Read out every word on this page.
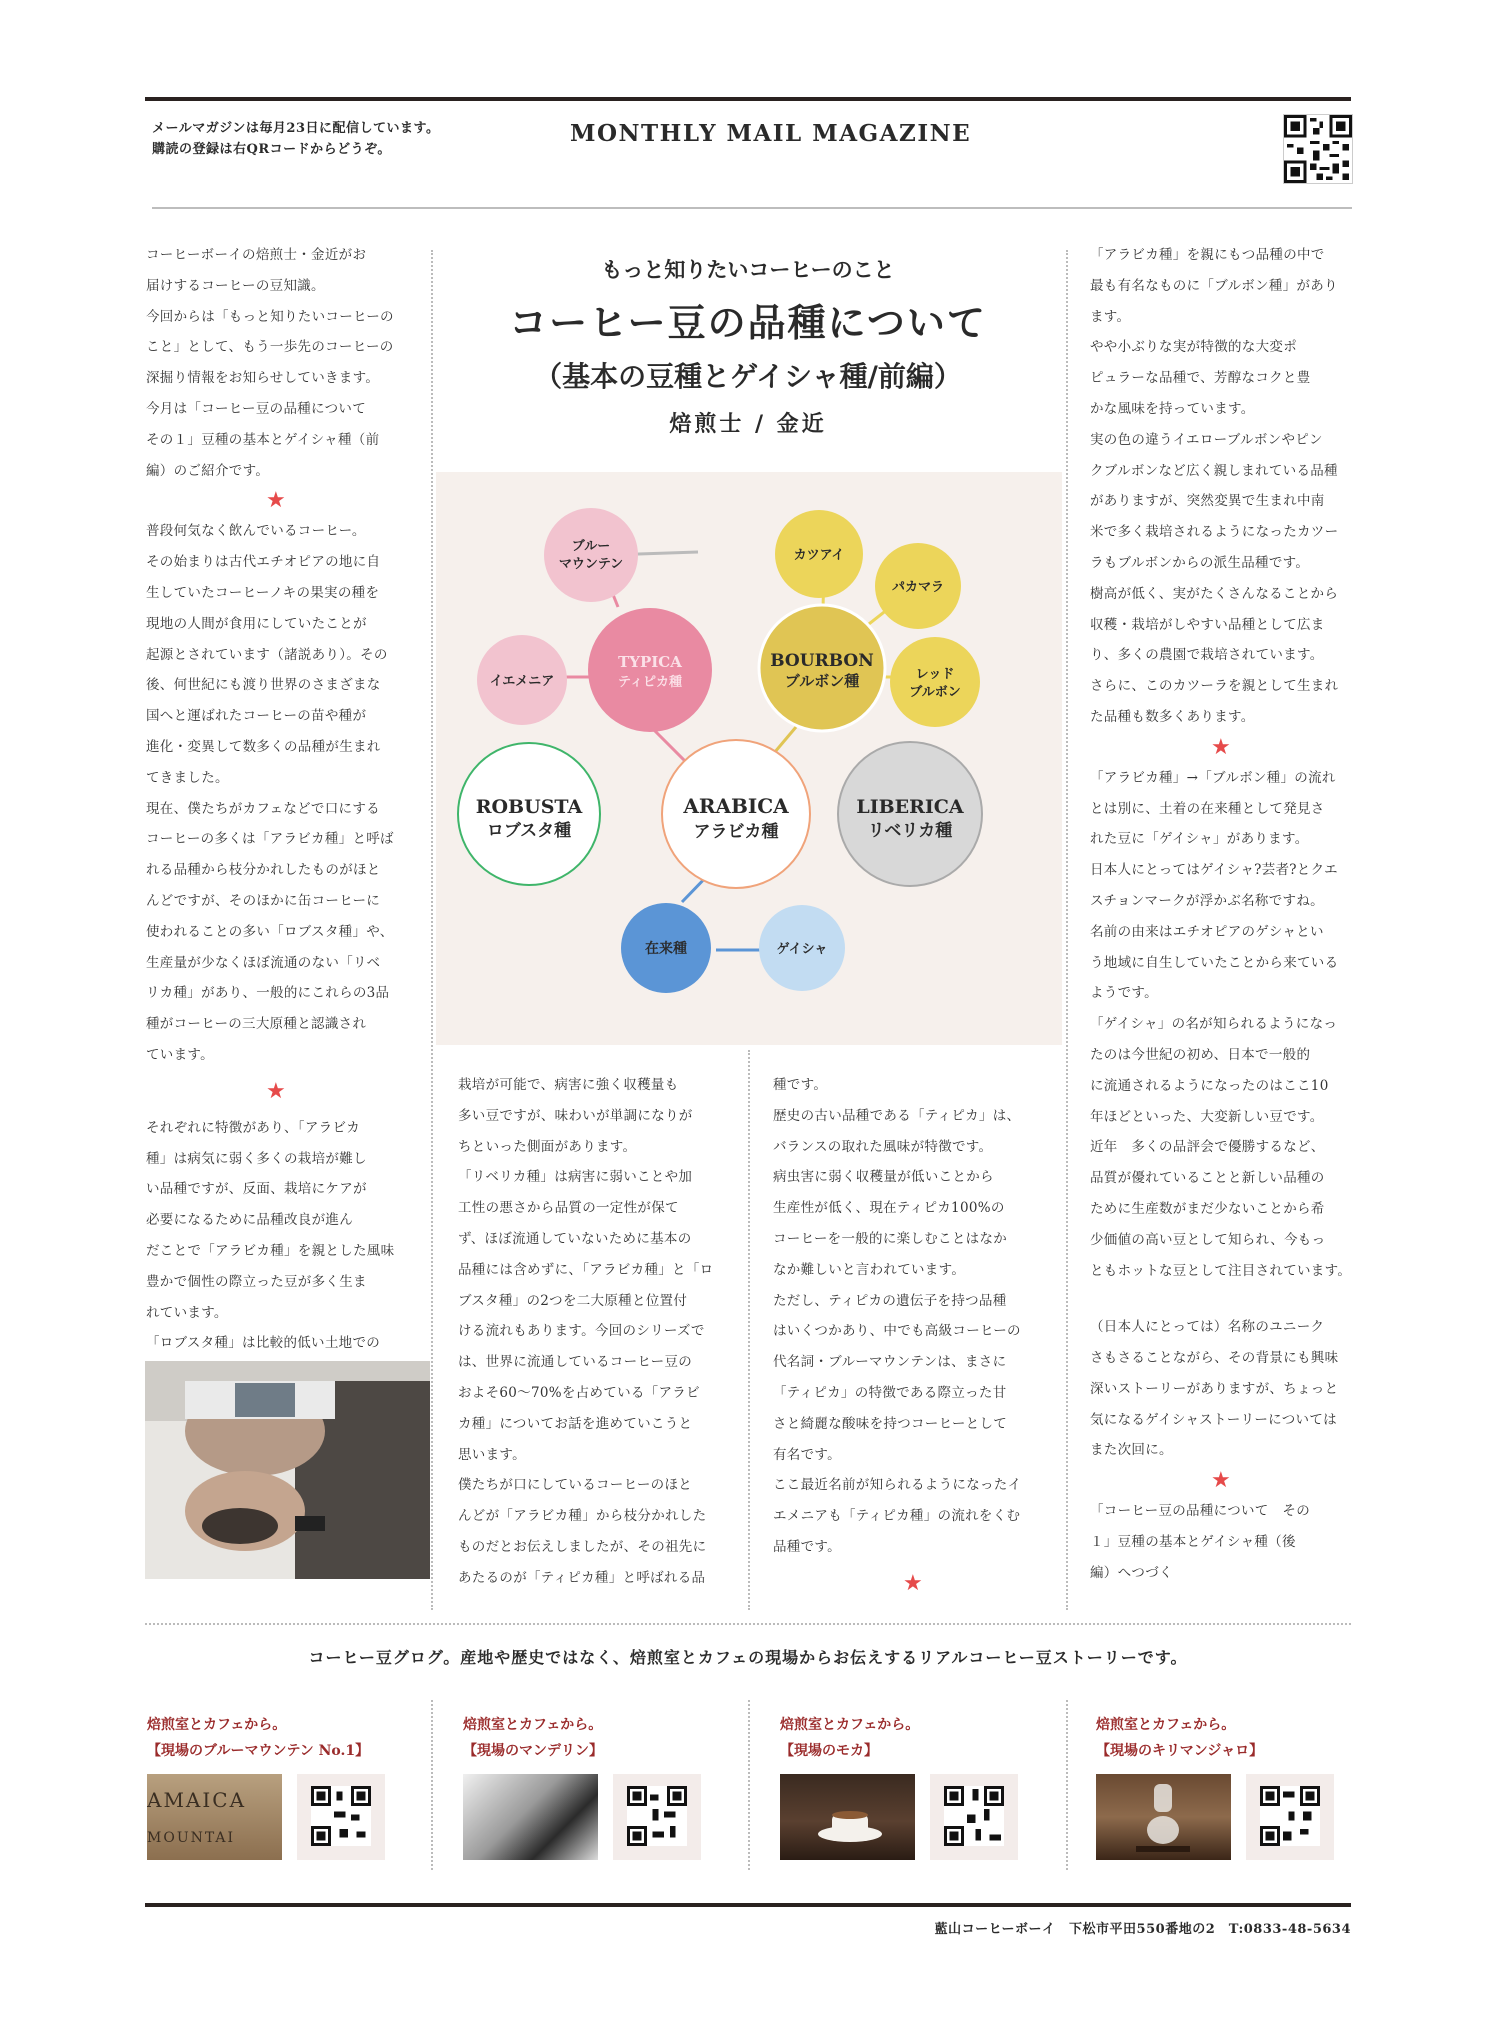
メールマガジンは毎月23日に配信しています。
購読の登録は右QRコードからどうぞ。
MONTHLY MAIL MAGAZINE

コーヒーボーイの焙煎士・金近がお

届けするコーヒーの豆知識。

今回からは「もっと知りたいコーヒーの

こと」として、もう一歩先のコーヒーの

深掘り情報をお知らせしていきます。

今月は「コーヒー豆の品種について

その１」豆種の基本とゲイシャ種（前

編）のご紹介です。

★

普段何気なく飲んでいるコーヒー。

その始まりは古代エチオピアの地に自

生していたコーヒーノキの果実の種を

現地の人間が食用にしていたことが

起源とされています（諸説あり）。その

後、何世紀にも渡り世界のさまざまな

国へと運ばれたコーヒーの苗や種が

進化・変異して数多くの品種が生まれ

てきました。

現在、僕たちがカフェなどで口にする

コーヒーの多くは「アラビカ種」と呼ば

れる品種から枝分かれしたものがほと

んどですが、そのほかに缶コーヒーに

使われることの多い「ロブスタ種」や、

生産量が少なくほぼ流通のない「リベ

リカ種」があり、一般的にこれらの3品

種がコーヒーの三大原種と認識され

ています。

★

それぞれに特徴があり、「アラビカ

種」は病気に弱く多くの栽培が難し

い品種ですが、反面、栽培にケアが

必要になるために品種改良が進ん

だことで「アラビカ種」を親とした風味

豊かで個性の際立った豆が多く生ま

れています。

「ロブスタ種」は比較的低い土地での

もっと知りたいコーヒーのこと
コーヒー豆の品種について
（基本の豆種とゲイシャ種/前編）
焙煎士 / 金近
ブルー
マウンテン
カツアイ
パカマラ
TYPICA
ティピカ種
イエメニア
BOURBON
ブルボン種	レッド
ブルボン
ROBUSTA
ロブスタ種
ARABICA
アラビカ種
LIBERICA
リベリカ種
在来種	ゲイシャ

栽培が可能で、病害に強く収穫量も

多い豆ですが、味わいが単調になりが

ちといった側面があります。

「リベリカ種」は病害に弱いことや加

工性の悪さから品質の一定性が保て

ず、ほぼ流通していないために基本の

品種には含めずに、「アラビカ種」と「ロ

ブスタ種」の2つを二大原種と位置付

ける流れもあります。今回のシリーズで

は、世界に流通しているコーヒー豆の

およそ60〜70%を占めている「アラビ

カ種」についてお話を進めていこうと

思います。

僕たちが口にしているコーヒーのほと

んどが「アラビカ種」から枝分かれした

ものだとお伝えしましたが、その祖先に

あたるのが「ティピカ種」と呼ばれる品

種です。

歴史の古い品種である「ティピカ」は、

バランスの取れた風味が特徴です。

病虫害に弱く収穫量が低いことから

生産性が低く、現在ティピカ100%の

コーヒーを一般的に楽しむことはなか

なか難しいと言われています。

ただし、ティピカの遺伝子を持つ品種

はいくつかあり、中でも高級コーヒーの

代名詞・ブルーマウンテンは、まさに

「ティピカ」の特徴である際立った甘

さと綺麗な酸味を持つコーヒーとして

有名です。

ここ最近名前が知られるようになったイ

エメニアも「ティピカ種」の流れをくむ

品種です。

★

「アラビカ種」を親にもつ品種の中で

最も有名なものに「ブルボン種」があり

ます。

やや小ぶりな実が特徴的な大変ポ

ピュラーな品種で、芳醇なコクと豊

かな風味を持っています。

実の色の違うイエローブルボンやピン

クブルボンなど広く親しまれている品種

がありますが、突然変異で生まれ中南

米で多く栽培されるようになったカツー

ラもブルボンからの派生品種です。

樹高が低く、実がたくさんなることから

収穫・栽培がしやすい品種として広ま

り、多くの農園で栽培されています。

さらに、このカツーラを親として生まれ

た品種も数多くあります。

★

「アラビカ種」→「ブルボン種」の流れ

とは別に、土着の在来種として発見さ

れた豆に「ゲイシャ」があります。

日本人にとってはゲイシャ?芸者?とクエ

スチョンマークが浮かぶ名称ですね。

名前の由来はエチオピアのゲシャとい

う地域に自生していたことから来ている

ようです。

「ゲイシャ」の名が知られるようになっ

たのは今世紀の初め、日本で一般的

に流通されるようになったのはここ10

年ほどといった、大変新しい豆です。

近年　多くの品評会で優勝するなど、

品質が優れていることと新しい品種の

ために生産数がまだ少ないことから希

少価値の高い豆として知られ、今もっ

ともホットな豆として注目されています。

（日本人にとっては）名称のユニーク

さもさることながら、その背景にも興味

深いストーリーがありますが、ちょっと

気になるゲイシャストーリーについては

また次回に。

★

「コーヒー豆の品種について　その

１」豆種の基本とゲイシャ種（後

編）へつづく

コーヒー豆グログ。産地や歴史ではなく、焙煎室とカフェの現場からお伝えするリアルコーヒー豆ストーリーです。
焙煎室とカフェから。
【現場のブルーマウンテン No.1】
AMAICA
MOUNTAI
焙煎室とカフェから。
【現場のマンデリン】
焙煎室とカフェから。
【現場のモカ】
焙煎室とカフェから。
【現場のキリマンジャロ】
藍山コーヒーボーイ　下松市平田550番地の2　T:0833-48-5634
